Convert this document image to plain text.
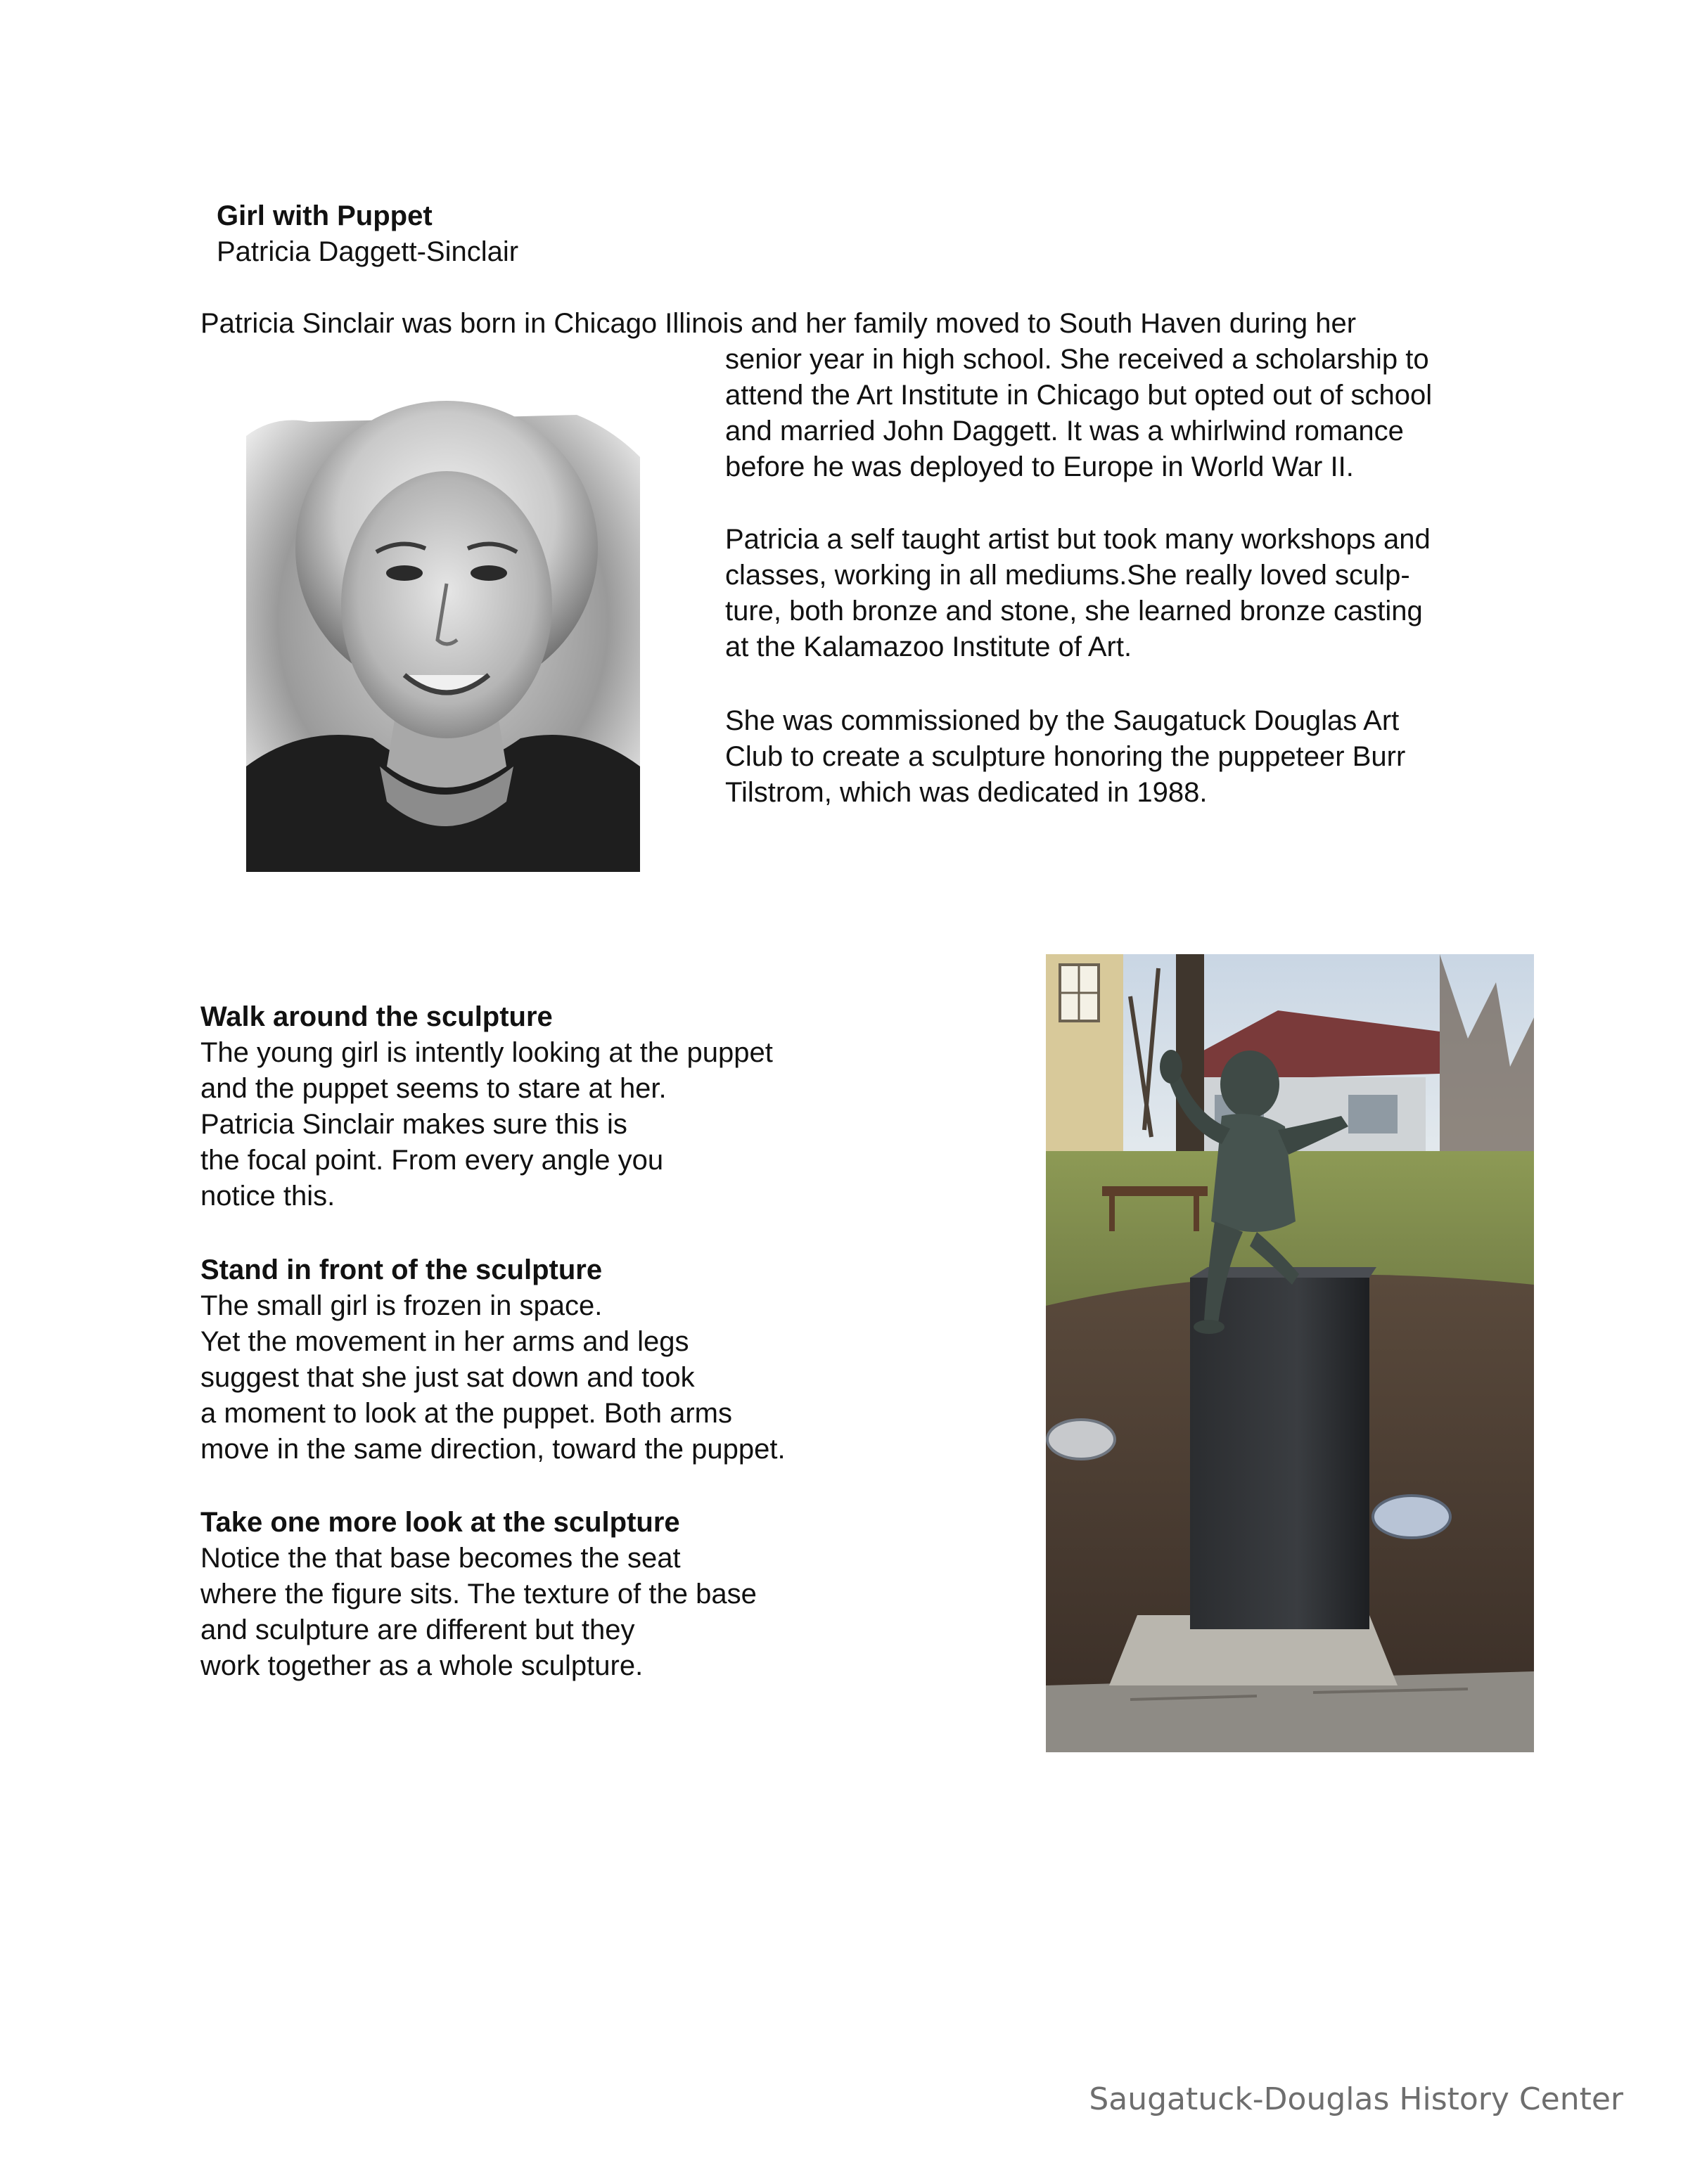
Girl with Puppet
Patricia Daggett-Sinclair
Patricia Sinclair was born in Chicago Illinois and her family moved to South Haven during her
senior year in high school. She received a scholarship to
attend the Art Institute in Chicago but opted out of school
and married John Daggett. It was a whirlwind romance
before he was deployed to Europe in World War II.
Patricia a self taught artist but took many workshops and
classes, working in all mediums.She really loved sculp-
ture, both bronze and stone, she learned bronze casting
at the Kalamazoo Institute of Art.
She was commissioned by the Saugatuck Douglas Art
Club to create a sculpture honoring the puppeteer Burr
Tilstrom, which was dedicated in 1988.
Walk around the sculpture
The young girl is intently looking at the puppet
and the puppet seems to stare at her.
Patricia Sinclair makes sure this is
the focal point. From every angle you
notice this.
Stand in front of the sculpture
The small girl is frozen in space.
Yet the movement in her arms and legs
suggest that she just sat down and took
a moment to look at the puppet. Both arms
move in the same direction, toward the puppet.
Take one more look at the sculpture
Notice the that base becomes the seat
where the figure sits. The texture of the base
and sculpture are different but they
work together as a whole sculpture.
Saugatuck-Douglas History Center
